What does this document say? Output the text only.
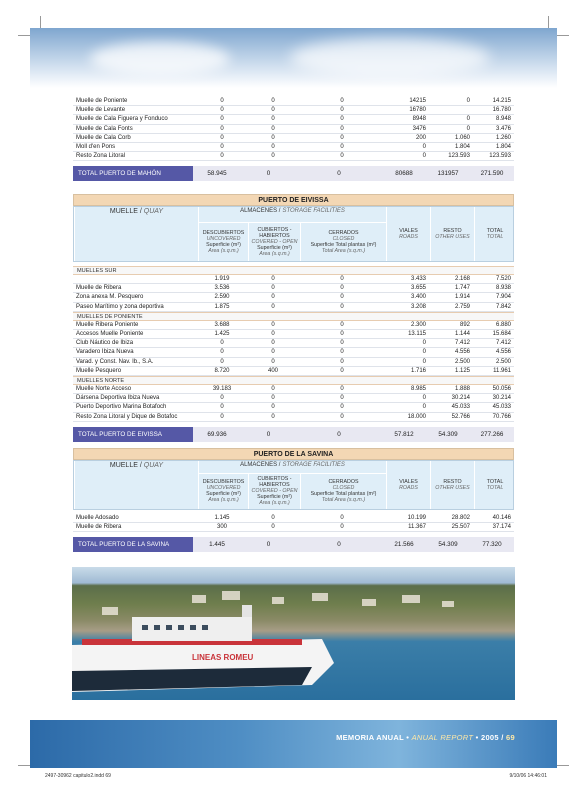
Muelle de Poniente	0	0	0	14215	0	14.215
Muelle de Levante	0	0	0	16780		16.780
Muelle de Cala Figuera y Fonduco	0	0	0	8948	0	8.948
Muelle de Cala Fonts	0	0	0	3476	0	3.476
Muelle de Cala Corb	0	0	0	200	1.060	1.260
Moll d'en Pons	0	0	0	0	1.804	1.804
Resto Zona Litoral	0	0	0	0	123.593	123.593
TOTAL PUERTO DE MAHÓN	58.945	0	0	80688	131957	271.590
PUERTO DE EIVISSA
MUELLE / QUAY	ALMACENES / STORAGE FACILITIES
VIALES
ROADS
RESTO
OTHER USES
TOTAL
TOTAL
DESCUBIERTOS
UNCOVERED
Superficie (m²)
Area (s.q.m.)
CUBIERTOS - HABIERTOS
COVERED - OPEN
Superficie (m²)
Area (s.q.m.)
CERRADOS
CLOSED
Superficie Total plantas (m²)
Total Area (s.q.m.)
MUELLES SUR
	1.919	0	0	3.433	2.168	7.520
Muelle de Ribera	3.536	0	0	3.655	1.747	8.938
Zona anexa M. Pesquero	2.590	0	0	3.400	1.914	7.904
Paseo Marítimo y zona deportiva	1.875	0	0	3.208	2.759	7.842
MUELLES DE PONIENTE
Muelle Ribera Poniente	3.688	0	0	2.300	892	6.880
Accesos Muelle Poniente	1.425	0	0	13.115	1.144	15.684
Club Náutico de Ibiza	0	0	0	0	7.412	7.412
Varadero Ibiza Nueva	0	0	0	0	4.556	4.556
Varad. y Const. Nav. Ib., S.A.	0	0	0	0	2.500	2.500
Muelle Pesquero	8.720	400	0	1.716	1.125	11.961
MUELLES NORTE
Muelle Norte Acceso	39.183	0	0	8.985	1.888	50.056
Dársena Deportiva Ibiza Nueva	0	0	0	0	30.214	30.214
Puerto Deportivo Marina Botafoch	0	0	0	0	45.033	45.033
Resto Zona Litoral y Dique de Botafoc	0	0	0	18.000	52.766	70.766
TOTAL PUERTO DE EIVISSA	69.936	0	0	57.812	54.309	277.266
PUERTO DE LA SAVINA
MUELLE / QUAY	ALMACENES / STORAGE FACILITIES
VIALES
ROADS
RESTO
OTHER USES
TOTAL
TOTAL
DESCUBIERTOS
UNCOVERED
Superficie (m²)
Area (s.q.m.)
CUBIERTOS - HABIERTOS
COVERED - OPEN
Superficie (m²)
Area (s.q.m.)
CERRADOS
CLOSED
Superficie Total plantas (m²)
Total Area (s.q.m.)
Muelle Adosado	1.145	0	0	10.199	28.802	40.146
Muelle de Ribera	300	0	0	11.367	25.507	37.174
TOTAL PUERTO DE LA SAVINA	1.445	0	0	21.566	54.309	77.320
LINEAS ROMEU
MEMORIA ANUAL • ANUAL REPORT • 2005 / 69
2497-30962 capitulo2.indd 69	9/10/06 14:46:01
